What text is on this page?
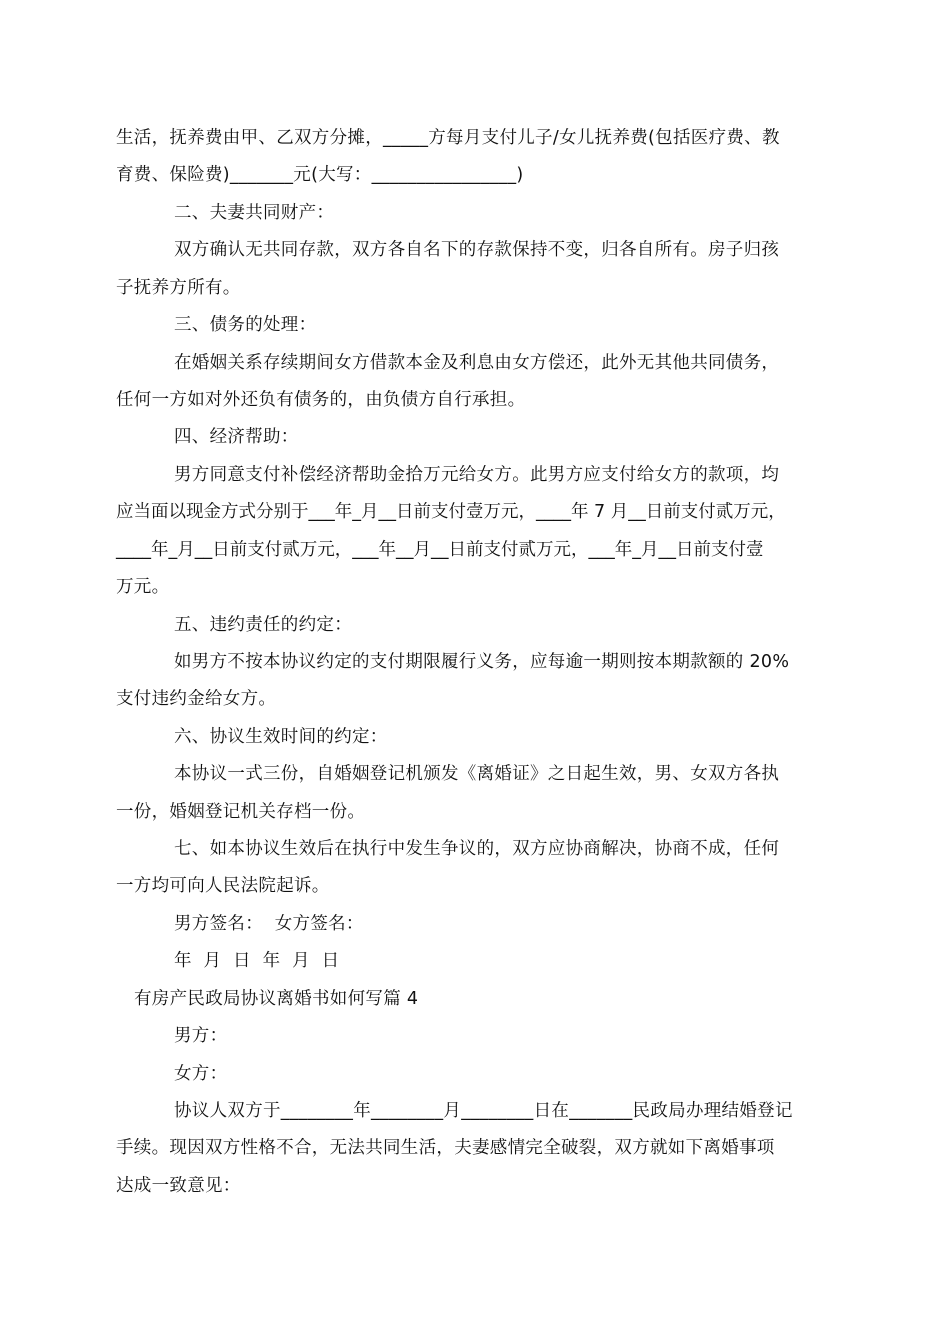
生活，抚养费由甲、乙双方分摊，_____方每月支付儿子/女儿抚养费(包括医疗费、教
育费、保险费)_______元(大写：________________)
二、夫妻共同财产：
双方确认无共同存款，双方各自名下的存款保持不变，归各自所有。房子归孩
子抚养方所有。
三、债务的处理：
在婚姻关系存续期间女方借款本金及利息由女方偿还，此外无其他共同债务，
任何一方如对外还负有债务的，由负债方自行承担。
四、经济帮助：
男方同意支付补偿经济帮助金拾万元给女方。此男方应支付给女方的款项，均
应当面以现金方式分别于___年_月__日前支付壹万元，____年 7 月__日前支付贰万元，
____年_月__日前支付贰万元，___年__月__日前支付贰万元，___年_月__日前支付壹
万元。
五、违约责任的约定：
如男方不按本协议约定的支付期限履行义务，应每逾一期则按本期款额的 20%
支付违约金给女方。
六、协议生效时间的约定：
本协议一式三份，自婚姻登记机颁发《离婚证》之日起生效，男、女双方各执
一份，婚姻登记机关存档一份。
七、如本协议生效后在执行中发生争议的，双方应协商解决，协商不成，任何
一方均可向人民法院起诉。
男方签名：  女方签名：
年  月  日  年  月  日
有房产民政局协议离婚书如何写篇 4
男方：
女方：
协议人双方于________年________月________日在_______民政局办理结婚登记
手续。现因双方性格不合，无法共同生活，夫妻感情完全破裂，双方就如下离婚事项
达成一致意见：
